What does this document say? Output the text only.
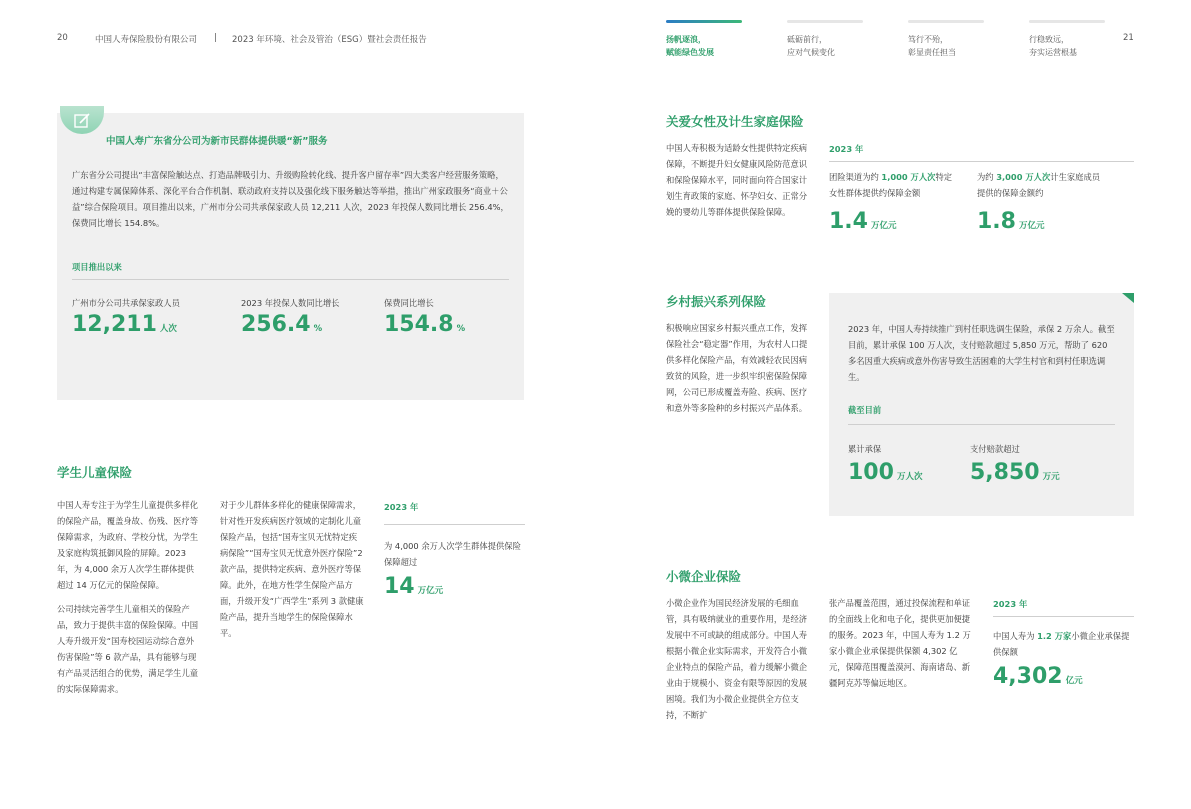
20	中国人寿保险股份有限公司 | 2023 年环境、社会及管治（ESG）暨社会责任报告	扬帆逐浪，
赋能绿色发展
砥砺前行，
应对气候变化
笃行不殆，
彰显责任担当
行稳致远，
夯实运营根基
21
中国人寿广东省分公司为新市民群体提供暖“新”服务
广东省分公司提出“丰富保险触达点、打造品牌吸引力、升级购险转化线、提升客户留存率”四大类客户经营服务策略，通过构建专属保障体系、深化平台合作机制、联动政府支持以及强化线下服务触达等举措，推出广州家政服务“商业＋公益”综合保险项目。项目推出以来，广州市分公司共承保家政人员 12,211 人次，2023 年投保人数同比增长 256.4%，保费同比增长 154.8%。
项目推出以来
广州市分公司共承保家政人员
12,211 人次
2023 年投保人数同比增长
256.4 %
保费同比增长
154.8 %
学生儿童保险
中国人寿专注于为学生儿童提供多样化的保险产品，覆盖身故、伤残、医疗等保障需求，为政府、学校分忧，为学生及家庭构筑抵御风险的屏障。2023 年，为 4,000 余万人次学生群体提供超过 14 万亿元的保险保障。
公司持续完善学生儿童相关的保险产品，致力于提供丰富的保险保障。中国人寿升级开发“国寿校园运动综合意外伤害保险”等 6 款产品，具有能够与现有产品灵活组合的优势，满足学生儿童的实际保障需求。
对于少儿群体多样化的健康保障需求，针对性开发疾病医疗领域的定制化儿童保险产品，包括“国寿宝贝无忧特定疾病保险”“国寿宝贝无忧意外医疗保险”2 款产品，提供特定疾病、意外医疗等保障。此外，在地方性学生保险产品方面，升级开发“广西学生”系列 3 款健康险产品，提升当地学生的保险保障水平。
2023 年
为 4,000 余万人次学生群体提供保险保障超过
14 万亿元
关爱女性及计生家庭保险
中国人寿积极为适龄女性提供特定疾病保障，不断提升妇女健康风险防范意识和保险保障水平，同时面向符合国家计划生育政策的家庭、怀孕妇女、正常分娩的婴幼儿等群体提供保险保障。
2023 年
团险渠道为约 1,000 万人次特定女性群体提供约保障金额
1.4 万亿元
为约 3,000 万人次计生家庭成员提供的保障金额约
1.8 万亿元
乡村振兴系列保险
积极响应国家乡村振兴重点工作，发挥保险社会“稳定器”作用，为农村人口提供多样化保险产品，有效减轻农民因病致贫的风险，进一步织牢织密保险保障网，公司已形成覆盖寿险、疾病、医疗和意外等多险种的乡村振兴产品体系。
2023 年，中国人寿持续推广到村任职选调生保险，承保 2 万余人。截至目前，累计承保 100 万人次，支付赔款超过 5,850 万元，帮助了 620 多名因重大疾病或意外伤害导致生活困难的大学生村官和到村任职选调生。
截至目前
累计承保
100 万人次
支付赔款超过
5,850 万元
小微企业保险
小微企业作为国民经济发展的毛细血管，具有吸纳就业的重要作用，是经济发展中不可或缺的组成部分。中国人寿根据小微企业实际需求，开发符合小微企业特点的保险产品，着力缓解小微企业由于规模小、资金有限等原因的发展困境。我们为小微企业提供全方位支持，不断扩
张产品覆盖范围，通过投保流程和单证的全面线上化和电子化，提供更加便捷的服务。2023 年，中国人寿为 1.2 万家小微企业承保提供保额 4,302 亿元，保障范围覆盖漠河、海南诸岛、新疆阿克苏等偏远地区。
2023 年
中国人寿为 1.2 万家小微企业承保提供保额
4,302 亿元
